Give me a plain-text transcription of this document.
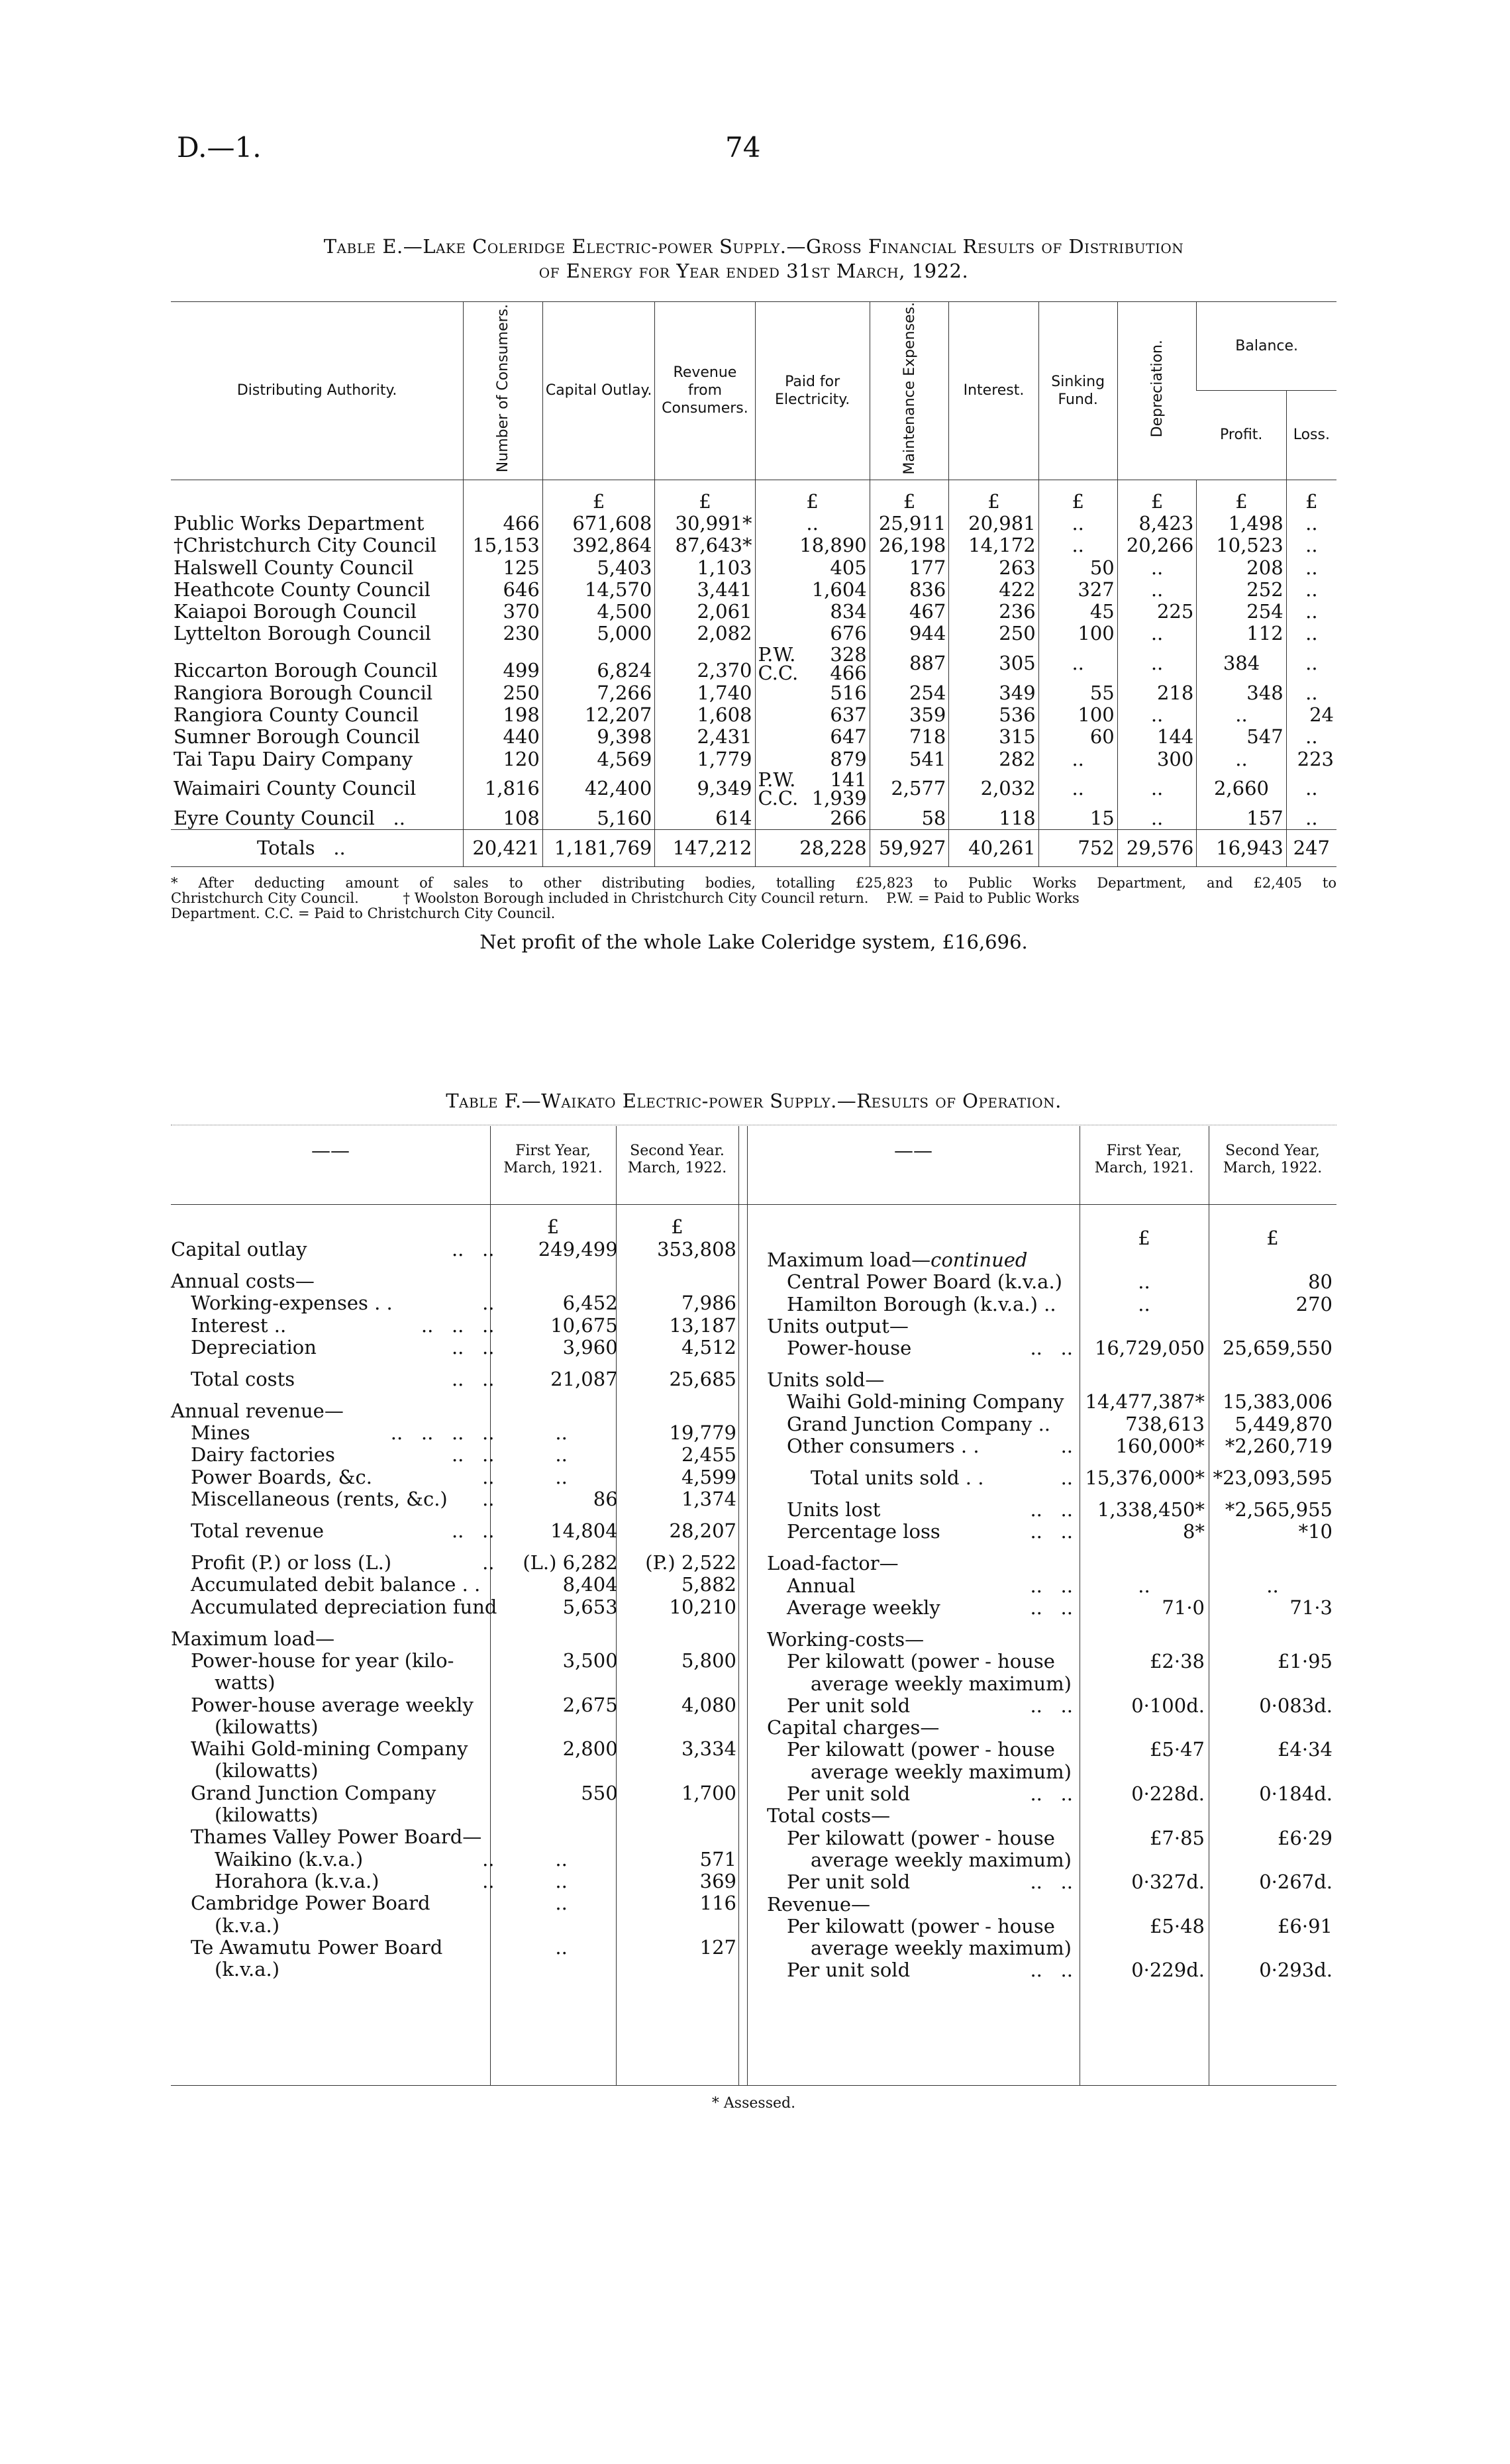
D.—1.	74
Table E.—Lake Coleridge Electric-power Supply.—Gross Financial Results of Distribution
of Energy for Year ended 31st March, 1922.
Distributing Authority.	Number of Consumers.	Capital Outlay.	Revenue from Consumers.	Paid for Electricity.	Maintenance Expenses.	Interest.	Sinking Fund.	Depreciation.	Balance.	
									Profit.	Loss.
		£	£	£	£	£	£	£	£	£
Public Works Department	466	671,608	30,991*	..	25,911	20,981	..	8,423	1,498	..
†Christchurch City Council	15,153	392,864	87,643*	18,890	26,198	14,172	..	20,266	10,523	..
Halswell County Council	125	5,403	1,103	405	177	263	50	..	208	..
Heathcote County Council	646	14,570	3,441	1,604	836	422	327	..	252	..
Kaiapoi Borough Council	370	4,500	2,061	834	467	236	45	225	254	..
Lyttelton Borough Council	230	5,000	2,082	676	944	250	100	..	112	..
Riccarton Borough Council	499	6,824	2,370	P.W. 328
C.C. 466	887	305	..	..	384	..
Rangiora Borough Council	250	7,266	1,740	516	254	349	55	218	348	..
Rangiora County Council	198	12,207	1,608	637	359	536	100	..	..	24
Sumner Borough Council	440	9,398	2,431	647	718	315	60	144	547	..
Tai Tapu Dairy Company	120	4,569	1,779	879	541	282	..	300	..	223
Waimairi County Council	1,816	42,400	9,349	P.W. 141
C.C. 1,939	2,577	2,032	..	..	2,660	..
Eyre County Council ..	108	5,160	614	266	58	118	15	..	157	..
Totals ..	20,421	1,181,769	147,212	28,228	59,927	40,261	752	29,576	16,943	247
* After deducting amount of sales to other distributing bodies, totalling £25,823 to Public Works Department, and £2,405 to
Christchurch City Council.          † Woolston Borough included in Christchurch City Council return.    P.W. = Paid to Public Works
Department. C.C. = Paid to Christchurch City Council.
Net profit of the whole Lake Coleridge system, £16,696.
Table F.—Waikato Electric-power Supply.—Results of Operation.
——	First Year,
March, 1921.
Second Year.
March, 1922.
——	First Year,
March, 1921.
Second Year,
March, 1922.
£	£	£	£
Capital outlay ..   ..	249,499	353,808
Annual costs—		
Working-expenses . . ..	6,452	7,986
Interest .. ..   ..   ..	10,675	13,187
Depreciation ..   ..	3,960	4,512
Total costs ..   ..	21,087	25,685
Annual revenue—		
Mines ..   ..   ..   ..	..	19,779
Dairy factories ..   ..	..	2,455
Power Boards, &c. ..	..	4,599
Miscellaneous (rents, &c.) ..	86	1,374
Total revenue ..   ..	14,804	28,207
Profit (P.) or loss (L.) ..	(L.) 6,282	(P.) 2,522
Accumulated debit balance . .	8,404	5,882
Accumulated depreciation fund	5,653	10,210
Maximum load—		
Power-house for year (kilo-	3,500	5,800
watts)		
Power-house average weekly	2,675	4,080
(kilowatts)		
Waihi Gold-mining Company	2,800	3,334
(kilowatts)		
Grand Junction Company	550	1,700
(kilowatts)		
Thames Valley Power Board—		
Waikino (k.v.a.) ..	..	571
Horahora (k.v.a.) ..	..	369
Cambridge Power Board	..	116
(k.v.a.)		
Te Awamutu Power Board	..	127
(k.v.a.)		
Maximum load—continued		
Central Power Board (k.v.a.)	..	80
Hamilton Borough (k.v.a.) ..	..	270
Units output—		
Power-house ..   ..	16,729,050	25,659,550
Units sold—		
Waihi Gold-mining Company	14,477,387*	15,383,006
Grand Junction Company ..	738,613	5,449,870
Other consumers . . ..	160,000*	*2,260,719
Total units sold . . ..	15,376,000*	*23,093,595
Units lost ..   ..	1,338,450*	*2,565,955
Percentage loss ..   ..	8*	*10
Load-factor—		
Annual ..   ..	..	..
Average weekly ..   ..	71·0	71·3
Working-costs—		
Per kilowatt (power - house	£2·38	£1·95
average weekly maximum)		
Per unit sold ..   ..	0·100d.	0·083d.
Capital charges—		
Per kilowatt (power - house	£5·47	£4·34
average weekly maximum)		
Per unit sold ..   ..	0·228d.	0·184d.
Total costs—		
Per kilowatt (power - house	£7·85	£6·29
average weekly maximum)		
Per unit sold ..   ..	0·327d.	0·267d.
Revenue—		
Per kilowatt (power - house	£5·48	£6·91
average weekly maximum)		
Per unit sold ..   ..	0·229d.	0·293d.
* Assessed.
